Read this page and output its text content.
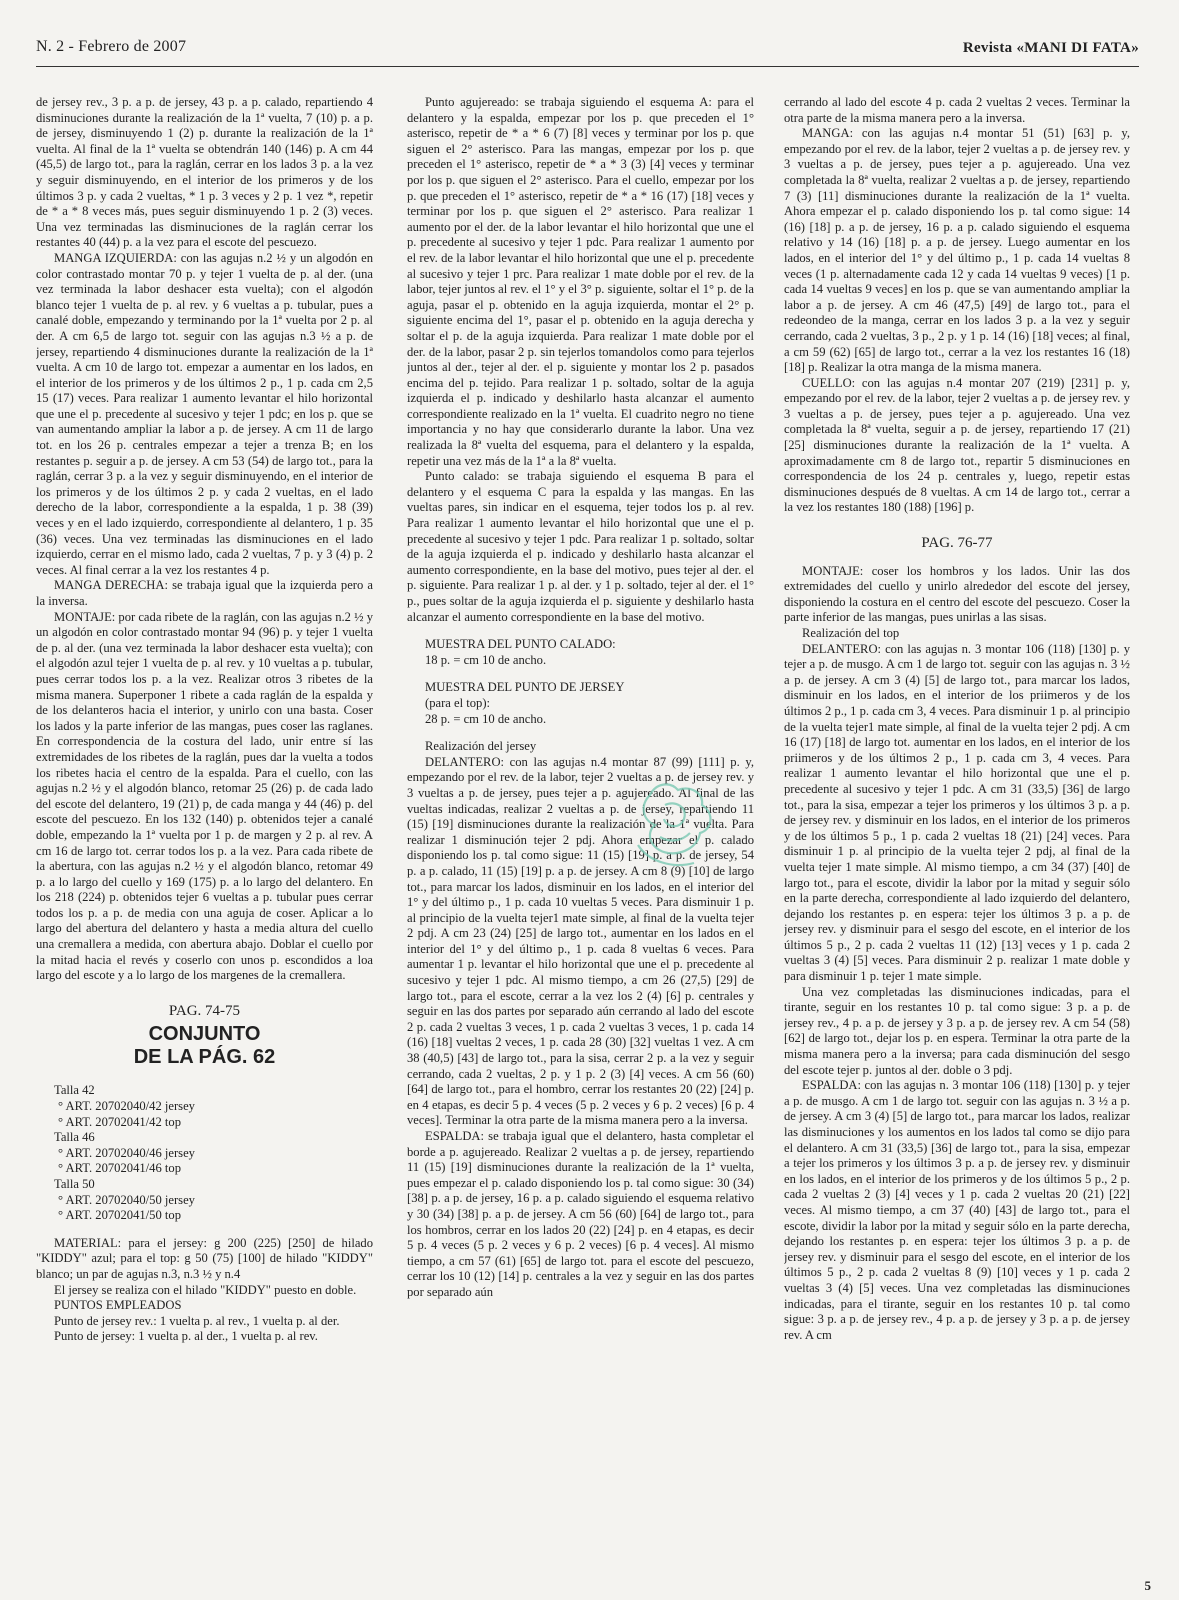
N. 2 - Febrero de 2007	Revista «MANI DI FATA»

de jersey rev., 3 p. a p. de jersey, 43 p. a p. calado, repartiendo 4 disminuciones durante la realización de la 1ª vuelta, 7 (10) p. a p. de jersey, disminuyendo 1 (2) p. durante la realización de la 1ª vuelta. Al final de la 1ª vuelta se obtendrán 140 (146) p. A cm 44 (45,5) de largo tot., para la raglán, cerrar en los lados 3 p. a la vez y seguir disminuyendo, en el interior de los primeros y de los últimos 3 p. y cada 2 vueltas, * 1 p. 3 veces y 2 p. 1 vez *, repetir de * a * 8 veces más, pues seguir disminuyendo 1 p. 2 (3) veces. Una vez terminadas las disminuciones de la raglán cerrar los restantes 40 (44) p. a la vez para el escote del pescuezo.

MANGA IZQUIERDA: con las agujas n.2 ½ y un algodón en color contrastado montar 70 p. y tejer 1 vuelta de p. al der. (una vez terminada la labor deshacer esta vuelta); con el algodón blanco tejer 1 vuelta de p. al rev. y 6 vueltas a p. tubular, pues a canalé doble, empezando y terminando por la 1ª vuelta por 2 p. al der. A cm 6,5 de largo tot. seguir con las agujas n.3 ½ a p. de jersey, repartiendo 4 disminuciones durante la realización de la 1ª vuelta. A cm 10 de largo tot. empezar a aumentar en los lados, en el interior de los primeros y de los últimos 2 p., 1 p. cada cm 2,5 15 (17) veces. Para realizar 1 aumento levantar el hilo horizontal que une el p. precedente al sucesivo y tejer 1 pdc; en los p. que se van aumentando ampliar la labor a p. de jersey. A cm 11 de largo tot. en los 26 p. centrales empezar a tejer a trenza B; en los restantes p. seguir a p. de jersey. A cm 53 (54) de largo tot., para la raglán, cerrar 3 p. a la vez y seguir disminuyendo, en el interior de los primeros y de los últimos 2 p. y cada 2 vueltas, en el lado derecho de la labor, correspondiente a la espalda, 1 p. 38 (39) veces y en el lado izquierdo, correspondiente al delantero, 1 p. 35 (36) veces. Una vez terminadas las disminuciones en el lado izquierdo, cerrar en el mismo lado, cada 2 vueltas, 7 p. y 3 (4) p. 2 veces. Al final cerrar a la vez los restantes 4 p.

MANGA DERECHA: se trabaja igual que la izquierda pero a la inversa.

MONTAJE: por cada ribete de la raglán, con las agujas n.2 ½ y un algodón en color contrastado montar 94 (96) p. y tejer 1 vuelta de p. al der. (una vez terminada la labor deshacer esta vuelta); con el algodón azul tejer 1 vuelta de p. al rev. y 10 vueltas a p. tubular, pues cerrar todos los p. a la vez. Realizar otros 3 ribetes de la misma manera. Superponer 1 ribete a cada raglán de la espalda y de los delanteros hacia el interior, y unirlo con una basta. Coser los lados y la parte inferior de las mangas, pues coser las raglanes. En correspondencia de la costura del lado, unir entre sí las extremidades de los ribetes de la raglán, pues dar la vuelta a todos los ribetes hacia el centro de la espalda. Para el cuello, con las agujas n.2 ½ y el algodón blanco, retomar 25 (26) p. de cada lado del escote del delantero, 19 (21) p, de cada manga y 44 (46) p. del escote del pescuezo. En los 132 (140) p. obtenidos tejer a canalé doble, empezando la 1ª vuelta por 1 p. de margen y 2 p. al rev. A cm 16 de largo tot. cerrar todos los p. a la vez. Para cada ribete de la abertura, con las agujas n.2 ½ y el algodón blanco, retomar 49 p. a lo largo del cuello y 169 (175) p. a lo largo del delantero. En los 218 (224) p. obtenidos tejer 6 vueltas a p. tubular pues cerrar todos los p. a p. de media con una aguja de coser. Aplicar a lo largo del abertura del delantero y hasta a media altura del cuello una cremallera a medida, con abertura abajo. Doblar el cuello por la mitad hacia el revés y coserlo con unos p. escondidos a loa largo del escote y a lo largo de los margenes de la cremallera.

PAG. 74-75
CONJUNTO
DE LA PÁG. 62

Talla 42

° ART. 20702040/42 jersey

° ART. 20702041/42 top

Talla 46

° ART. 20702040/46 jersey

° ART. 20702041/46 top

Talla 50

° ART. 20702040/50 jersey

° ART. 20702041/50 top

MATERIAL: para el jersey: g 200 (225) [250] de hilado "KIDDY" azul; para el top: g 50 (75) [100] de hilado "KIDDY" blanco; un par de agujas n.3, n.3 ½ y n.4

El jersey se realiza con el hilado "KIDDY" puesto en doble.

PUNTOS EMPLEADOS

Punto de jersey rev.: 1 vuelta p. al rev., 1 vuelta p. al der.

Punto de jersey: 1 vuelta p. al der., 1 vuelta p. al rev.

Punto agujereado: se trabaja siguiendo el esquema A: para el delantero y la espalda, empezar por los p. que preceden el 1° asterisco, repetir de * a * 6 (7) [8] veces y terminar por los p. que siguen el 2° asterisco. Para las mangas, empezar por los p. que preceden el 1° asterisco, repetir de * a * 3 (3) [4] veces y terminar por los p. que siguen el 2° asterisco. Para el cuello, empezar por los p. que preceden el 1° asterisco, repetir de * a * 16 (17) [18] veces y terminar por los p. que siguen el 2° asterisco. Para realizar 1 aumento por el der. de la labor levantar el hilo horizontal que une el p. precedente al sucesivo y tejer 1 pdc. Para realizar 1 aumento por el rev. de la labor levantar el hilo horizontal que une el p. precedente al sucesivo y tejer 1 prc. Para realizar 1 mate doble por el rev. de la labor, tejer juntos al rev. el 1° y el 3° p. siguiente, soltar el 1° p. de la aguja, pasar el p. obtenido en la aguja izquierda, montar el 2° p. siguiente encima del 1°, pasar el p. obtenido en la aguja derecha y soltar el p. de la aguja izquierda. Para realizar 1 mate doble por el der. de la labor, pasar 2 p. sin tejerlos tomandolos como para tejerlos juntos al der., tejer al der. el p. siguiente y montar los 2 p. pasados encima del p. tejido. Para realizar 1 p. soltado, soltar de la aguja izquierda el p. indicado y deshilarlo hasta alcanzar el aumento correspondiente realizado en la 1ª vuelta. El cuadrito negro no tiene importancia y no hay que considerarlo durante la labor. Una vez realizada la 8ª vuelta del esquema, para el delantero y la espalda, repetir una vez más de la 1ª a la 8ª vuelta.

Punto calado: se trabaja siguiendo el esquema B para el delantero y el esquema C para la espalda y las mangas. En las vueltas pares, sin indicar en el esquema, tejer todos los p. al rev. Para realizar 1 aumento levantar el hilo horizontal que une el p. precedente al sucesivo y tejer 1 pdc. Para realizar 1 p. soltado, soltar de la aguja izquierda el p. indicado y deshilarlo hasta alcanzar el aumento correspondiente, en la base del motivo, pues tejer al der. el p. siguiente. Para realizar 1 p. al der. y 1 p. soltado, tejer al der. el 1° p., pues soltar de la aguja izquierda el p. siguiente y deshilarlo hasta alcanzar el aumento correspondiente en la base del motivo.

MUESTRA DEL PUNTO CALADO:

18 p. = cm 10 de ancho.

MUESTRA DEL PUNTO DE JERSEY

(para el top):

28 p. = cm 10 de ancho.

Realización del jersey

DELANTERO: con las agujas n.4 montar 87 (99) [111] p. y, empezando por el rev. de la labor, tejer 2 vueltas a p. de jersey rev. y 3 vueltas a p. de jersey, pues tejer a p. agujereado. Al final de las vueltas indicadas, realizar 2 vueltas a p. de jersey, repartiendo 11 (15) [19] disminuciones durante la realización de la 1ª vuelta. Para realizar 1 disminución tejer 2 pdj. Ahora empezar el p. calado disponiendo los p. tal como sigue: 11 (15) [19] p. a p. de jersey, 54 p. a p. calado, 11 (15) [19] p. a p. de jersey. A cm 8 (9) [10] de largo tot., para marcar los lados, disminuir en los lados, en el interior del 1° y del último p., 1 p. cada 10 vueltas 5 veces. Para disminuir 1 p. al principio de la vuelta tejer1 mate simple, al final de la vuelta tejer 2 pdj. A cm 23 (24) [25] de largo tot., aumentar en los lados en el interior del 1° y del último p., 1 p. cada 8 vueltas 6 veces. Para aumentar 1 p. levantar el hilo horizontal que une el p. precedente al sucesivo y tejer 1 pdc. Al mismo tiempo, a cm 26 (27,5) [29] de largo tot., para el escote, cerrar a la vez los 2 (4) [6] p. centrales y seguir en las dos partes por separado aún cerrando al lado del escote 2 p. cada 2 vueltas 3 veces, 1 p. cada 2 vueltas 3 veces, 1 p. cada 14 (16) [18] vueltas 2 veces, 1 p. cada 28 (30) [32] vueltas 1 vez. A cm 38 (40,5) [43] de largo tot., para la sisa, cerrar 2 p. a la vez y seguir cerrando, cada 2 vueltas, 2 p. y 1 p. 2 (3) [4] veces. A cm 56 (60) [64] de largo tot., para el hombro, cerrar los restantes 20 (22) [24] p. en 4 etapas, es decir 5 p. 4 veces (5 p. 2 veces y 6 p. 2 veces) [6 p. 4 veces]. Terminar la otra parte de la misma manera pero a la inversa.

ESPALDA: se trabaja igual que el delantero, hasta completar el borde a p. agujereado. Realizar 2 vueltas a p. de jersey, repartiendo 11 (15) [19] disminuciones durante la realización de la 1ª vuelta, pues empezar el p. calado disponiendo los p. tal como sigue: 30 (34) [38] p. a p. de jersey, 16 p. a p. calado siguiendo el esquema relativo y 30 (34) [38] p. a p. de jersey. A cm 56 (60) [64] de largo tot., para los hombros, cerrar en los lados 20 (22) [24] p. en 4 etapas, es decir 5 p. 4 veces (5 p. 2 veces y 6 p. 2 veces) [6 p. 4 veces]. Al mismo tiempo, a cm 57 (61) [65] de largo tot. para el escote del pescuezo, cerrar los 10 (12) [14] p. centrales a la vez y seguir en las dos partes por separado aún

cerrando al lado del escote 4 p. cada 2 vueltas 2 veces. Terminar la otra parte de la misma manera pero a la inversa.

MANGA: con las agujas n.4 montar 51 (51) [63] p. y, empezando por el rev. de la labor, tejer 2 vueltas a p. de jersey rev. y 3 vueltas a p. de jersey, pues tejer a p. agujereado. Una vez completada la 8ª vuelta, realizar 2 vueltas a p. de jersey, repartiendo 7 (3) [11] disminuciones durante la realización de la 1ª vuelta. Ahora empezar el p. calado disponiendo los p. tal como sigue: 14 (16) [18] p. a p. de jersey, 16 p. a p. calado siguiendo el esquema relativo y 14 (16) [18] p. a p. de jersey. Luego aumentar en los lados, en el interior del 1° y del último p., 1 p. cada 14 vueltas 8 veces (1 p. alternadamente cada 12 y cada 14 vueltas 9 veces) [1 p. cada 14 vueltas 9 veces] en los p. que se van aumentando ampliar la labor a p. de jersey. A cm 46 (47,5) [49] de largo tot., para el redeondeo de la manga, cerrar en los lados 3 p. a la vez y seguir cerrando, cada 2 vueltas, 3 p., 2 p. y 1 p. 14 (16) [18] veces; al final, a cm 59 (62) [65] de largo tot., cerrar a la vez los restantes 16 (18) [18] p. Realizar la otra manga de la misma manera.

CUELLO: con las agujas n.4 montar 207 (219) [231] p. y, empezando por el rev. de la labor, tejer 2 vueltas a p. de jersey rev. y 3 vueltas a p. de jersey, pues tejer a p. agujereado. Una vez completada la 8ª vuelta, seguir a p. de jersey, repartiendo 17 (21) [25] disminuciones durante la realización de la 1ª vuelta. A aproximadamente cm 8 de largo tot., repartir 5 disminuciones en correspondencia de los 24 p. centrales y, luego, repetir estas disminuciones después de 8 vueltas. A cm 14 de largo tot., cerrar a la vez los restantes 180 (188) [196] p.

PAG. 76-77

MONTAJE: coser los hombros y los lados. Unir las dos extremidades del cuello y unirlo alrededor del escote del jersey, disponiendo la costura en el centro del escote del pescuezo. Coser la parte inferior de las mangas, pues unirlas a las sisas.

Realización del top

DELANTERO: con las agujas n. 3 montar 106 (118) [130] p. y tejer a p. de musgo. A cm 1 de largo tot. seguir con las agujas n. 3 ½ a p. de jersey. A cm 3 (4) [5] de largo tot., para marcar los lados, disminuir en los lados, en el interior de los priimeros y de los últimos 2 p., 1 p. cada cm 3, 4 veces. Para disminuir 1 p. al principio de la vuelta tejer1 mate simple, al final de la vuelta tejer 2 pdj. A cm 16 (17) [18] de largo tot. aumentar en los lados, en el interior de los priimeros y de los últimos 2 p., 1 p. cada cm 3, 4 veces. Para realizar 1 aumento levantar el hilo horizontal que une el p. precedente al sucesivo y tejer 1 pdc. A cm 31 (33,5) [36] de largo tot., para la sisa, empezar a tejer los primeros y los últimos 3 p. a p. de jersey rev. y disminuir en los lados, en el interior de los primeros y de los últimos 5 p., 1 p. cada 2 vueltas 18 (21) [24] veces. Para disminuir 1 p. al principio de la vuelta tejer 2 pdj, al final de la vuelta tejer 1 mate simple. Al mismo tiempo, a cm 34 (37) [40] de largo tot., para el escote, dividir la labor por la mitad y seguir sólo en la parte derecha, correspondiente al lado izquierdo del delantero, dejando los restantes p. en espera: tejer los últimos 3 p. a p. de jersey rev. y disminuir para el sesgo del escote, en el interior de los últimos 5 p., 2 p. cada 2 vueltas 11 (12) [13] veces y 1 p. cada 2 vueltas 3 (4) [5] veces. Para disminuir 2 p. realizar 1 mate doble y para disminuir 1 p. tejer 1 mate simple.

Una vez completadas las disminuciones indicadas, para el tirante, seguir en los restantes 10 p. tal como sigue: 3 p. a p. de jersey rev., 4 p. a p. de jersey y 3 p. a p. de jersey rev. A cm 54 (58) [62] de largo tot., dejar los p. en espera. Terminar la otra parte de la misma manera pero a la inversa; para cada disminución del sesgo del escote tejer p. juntos al der. doble o 3 pdj.

ESPALDA: con las agujas n. 3 montar 106 (118) [130] p. y tejer a p. de musgo. A cm 1 de largo tot. seguir con las agujas n. 3 ½ a p. de jersey. A cm 3 (4) [5] de largo tot., para marcar los lados, realizar las disminuciones y los aumentos en los lados tal como se dijo para el delantero. A cm 31 (33,5) [36] de largo tot., para la sisa, empezar a tejer los primeros y los últimos 3 p. a p. de jersey rev. y disminuir en los lados, en el interior de los primeros y de los últimos 5 p., 2 p. cada 2 vueltas 2 (3) [4] veces y 1 p. cada 2 vueltas 20 (21) [22] veces. Al mismo tiempo, a cm 37 (40) [43] de largo tot., para el escote, dividir la labor por la mitad y seguir sólo en la parte derecha, dejando los restantes p. en espera: tejer los últimos 3 p. a p. de jersey rev. y disminuir para el sesgo del escote, en el interior de los últimos 5 p., 2 p. cada 2 vueltas 8 (9) [10] veces y 1 p. cada 2 vueltas 3 (4) [5] veces. Una vez completadas las disminuciones indicadas, para el tirante, seguir en los restantes 10 p. tal como sigue: 3 p. a p. de jersey rev., 4 p. a p. de jersey y 3 p. a p. de jersey rev. A cm

5
